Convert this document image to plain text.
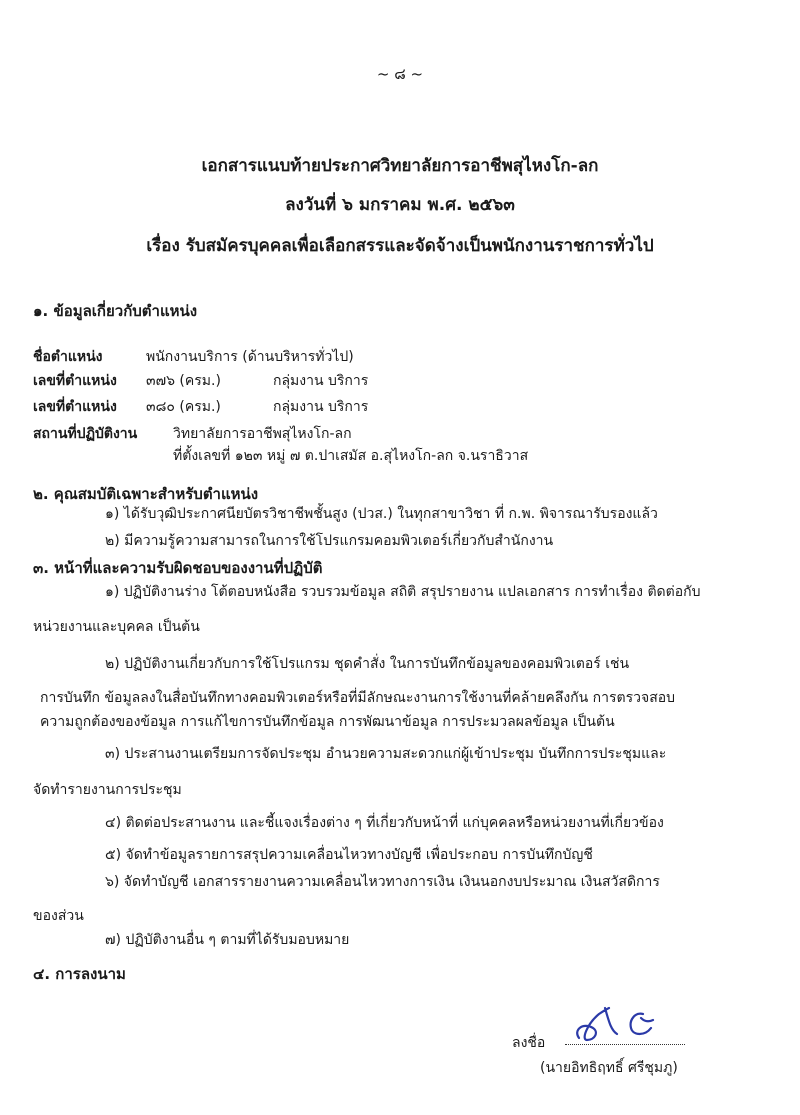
~ ๘ ~
เอกสารแนบท้ายประกาศวิทยาลัยการอาชีพสุไหงโก-ลก
ลงวันที่ ๖ มกราคม พ.ศ. ๒๕๖๓
เรื่อง รับสมัครบุคคลเพื่อเลือกสรรและจัดจ้างเป็นพนักงานราชการทั่วไป
๑. ข้อมูลเกี่ยวกับตำแหน่ง
ชื่อตำแหน่ง	พนักงานบริการ (ด้านบริหารทั่วไป)
เลขที่ตำแหน่ง ๓๗๖ (ครม.)	กลุ่มงาน บริการ
เลขที่ตำแหน่ง ๓๘๐ (ครม.)	กลุ่มงาน บริการ
สถานที่ปฏิบัติงาน	วิทยาลัยการอาชีพสุไหงโก-ลก
ที่ตั้งเลขที่ ๑๒๓ หมู่ ๗ ต.ปาเสมัส อ.สุไหงโก-ลก จ.นราธิวาส
๒. คุณสมบัติเฉพาะสำหรับตำแหน่ง
๑) ได้รับวุฒิประกาศนียบัตรวิชาชีพชั้นสูง (ปวส.) ในทุกสาขาวิชา ที่ ก.พ. พิจารณารับรองแล้ว
๒) มีความรู้ความสามารถในการใช้โปรแกรมคอมพิวเตอร์เกี่ยวกับสำนักงาน
๓. หน้าที่และความรับผิดชอบของงานที่ปฏิบัติ
๑) ปฏิบัติงานร่าง โต้ตอบหนังสือ รวบรวมข้อมูล สถิติ สรุปรายงาน แปลเอกสาร การทำเรื่อง ติดต่อกับ
หน่วยงานและบุคคล เป็นต้น
๒) ปฏิบัติงานเกี่ยวกับการใช้โปรแกรม ชุดคำสั่ง ในการบันทึกข้อมูลของคอมพิวเตอร์ เช่น
การบันทึก ข้อมูลลงในสื่อบันทึกทางคอมพิวเตอร์หรือที่มีลักษณะงานการใช้งานที่คล้ายคลึงกัน การตรวจสอบ
ความถูกต้องของข้อมูล การแก้ไขการบันทึกข้อมูล การพัฒนาข้อมูล การประมวลผลข้อมูล เป็นต้น
๓) ประสานงานเตรียมการจัดประชุม อำนวยความสะดวกแก่ผู้เข้าประชุม บันทึกการประชุมและ
จัดทำรายงานการประชุม
๔) ติดต่อประสานงาน และชี้แจงเรื่องต่าง ๆ ที่เกี่ยวกับหน้าที่ แก่บุคคลหรือหน่วยงานที่เกี่ยวข้อง
๕) จัดทำข้อมูลรายการสรุปความเคลื่อนไหวทางบัญชี เพื่อประกอบ การบันทึกบัญชี
๖) จัดทำบัญชี เอกสารรายงานความเคลื่อนไหวทางการเงิน เงินนอกงบประมาณ เงินสวัสดิการ
ของส่วน
๗) ปฏิบัติงานอื่น ๆ ตามที่ได้รับมอบหมาย
๔. การลงนาม
ลงชื่อ
(นายอิทธิฤทธิ์ ศรีชุมภู)
